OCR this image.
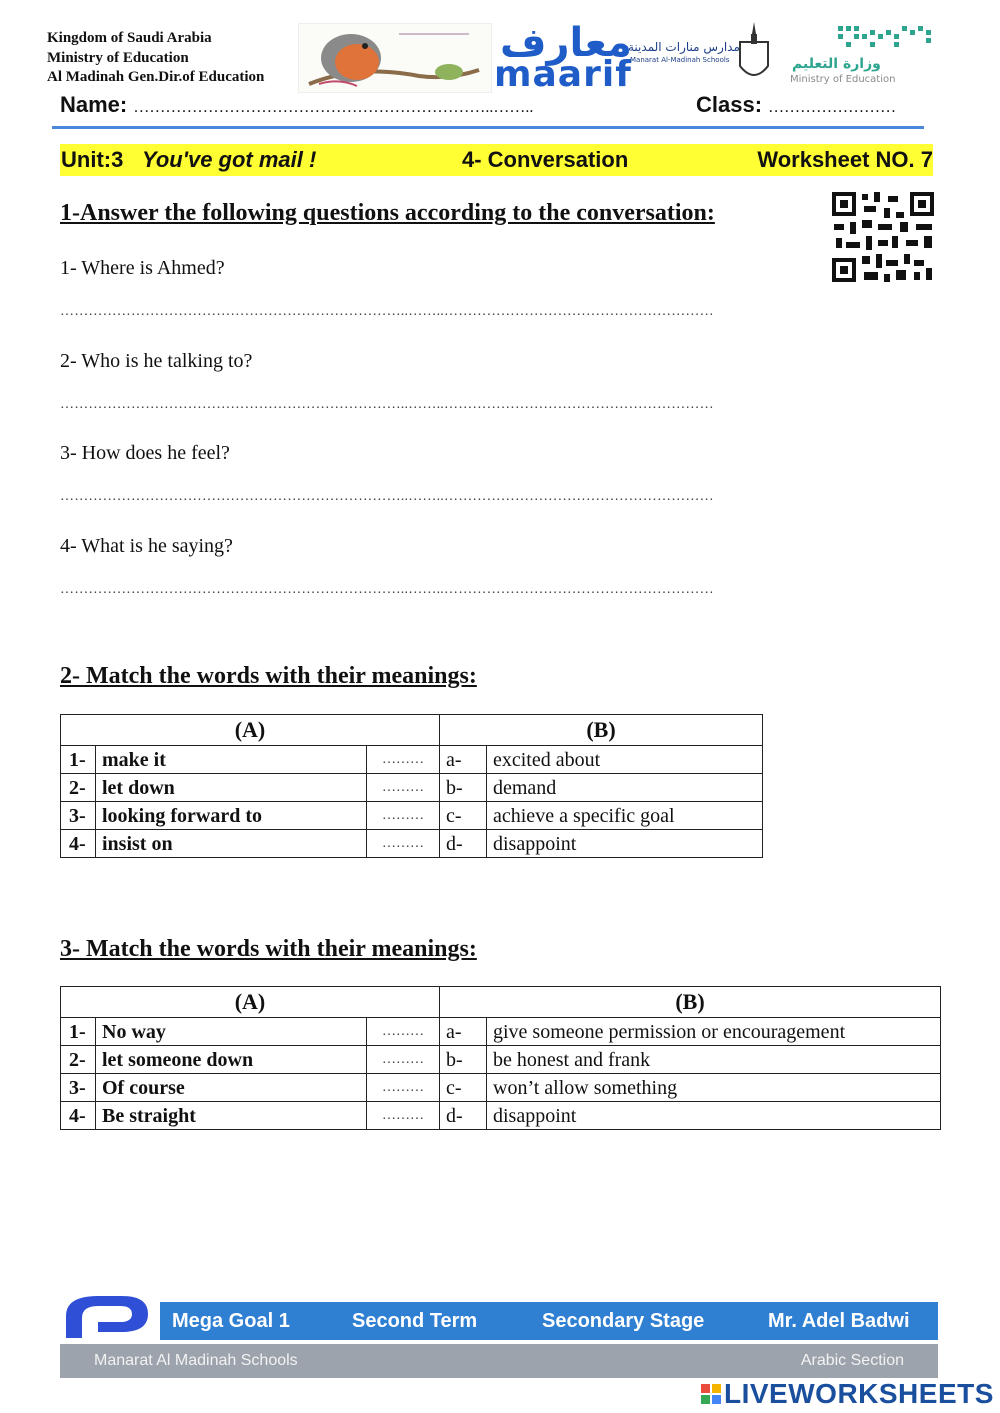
Kingdom of Saudi Arabia
Ministry of Education
Al Madinah Gen.Dir.of Education
معارف
maarif
مدارس منارات المدينة
Manarat Al-Madinah Schools	وزارة التعليم
Ministry of Education
Name: …………………………………………………………..……..	Class: ……………………
Unit:3 You've got mail !	4- Conversation	Worksheet NO. 7
1-Answer the following questions according to the conversation:
1- Where is Ahmed?
………………………………………………………………..……..…………………………………………………
2- Who is he talking to?
………………………………………………………………..……..…………………………………………………
3- How does he feel?
………………………………………………………………..……..…………………………………………………
4- What is he saying?
………………………………………………………………..……..…………………………………………………
2- Match the words with their meanings:
(A)			(B)	
1-	make it	………	a-	excited about
2-	let down	………	b-	demand
3-	looking forward to	………	c-	achieve a specific goal
4-	insist on	………	d-	disappoint
3- Match the words with their meanings:
(A)			(B)	
1-	No way	………	a-	give someone permission or encouragement
2-	let someone down	………	b-	be honest and frank
3-	Of course	………	c-	won’t allow something
4-	Be straight	………	d-	disappoint
Mega Goal 1	Second Term	Secondary Stage	Mr. Adel Badwi
Manarat Al Madinah Schools	Arabic Section
LIVEWORKSHEETS
